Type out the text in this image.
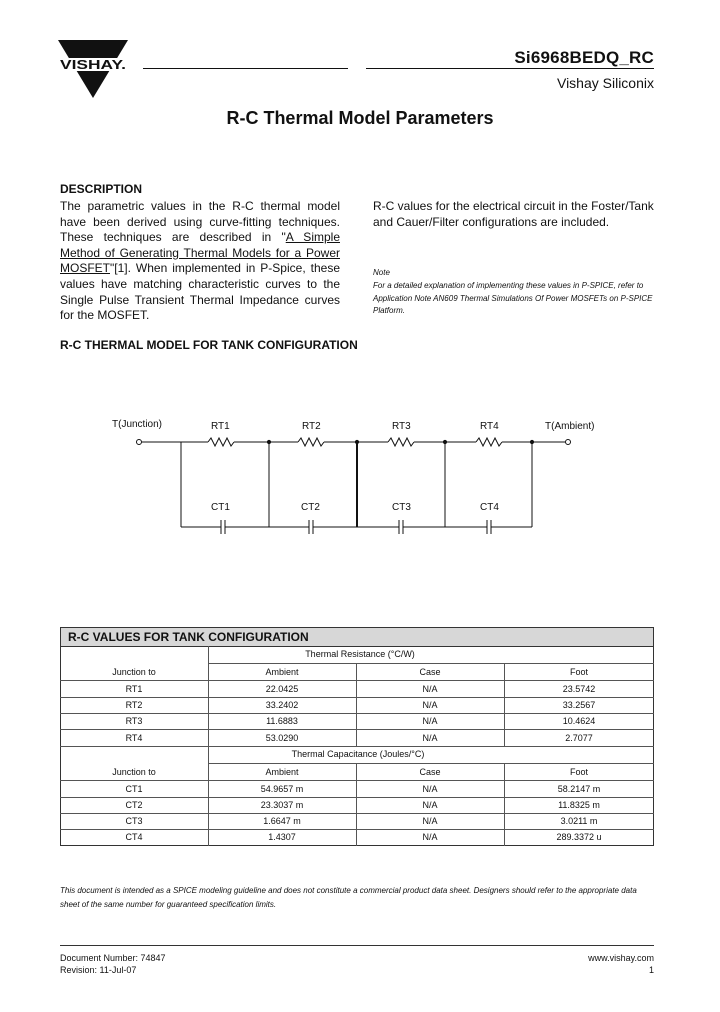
VISHAY.	Si6968BEDQ_RC
Vishay Siliconix
R-C Thermal Model Parameters
DESCRIPTION
The parametric values in the R-C thermal model have been derived using curve-fitting techniques. These techniques are described in "A Simple Method of Generating Thermal Models for a Power MOSFET"[1]. When implemented in P-Spice, these values have matching characteristic curves to the Single Pulse Transient Thermal Impedance curves for the MOSFET.
R-C values for the electrical circuit in the Foster/Tank and Cauer/Filter configurations are included.
Note
For a detailed explanation of implementing these values in P-SPICE, refer to Application Note AN609 Thermal Simulations Of Power MOSFETs on P-SPICE Platform.
R-C THERMAL MODEL FOR TANK CONFIGURATION
T(Junction)	T(Ambient)
RT1	RT2	RT3	RT4
CT1	CT2	CT3	CT4
R-C VALUES FOR TANK CONFIGURATION
Thermal Resistance (°C/W)
Junction to	Ambient	Case	Foot
RT1	22.0425	N/A	23.5742
RT2	33.2402	N/A	33.2567
RT3	11.6883	N/A	10.4624
RT4	53.0290	N/A	2.7077
Thermal Capacitance (Joules/°C)
Junction to	Ambient	Case	Foot
CT1	54.9657 m	N/A	58.2147 m
CT2	23.3037 m	N/A	11.8325 m
CT3	1.6647 m	N/A	3.0211 m
CT4	1.4307	N/A	289.3372 u
This document is intended as a SPICE modeling guideline and does not constitute a commercial product data sheet. Designers should refer to the appropriate data sheet of the same number for guaranteed specification limits.
Document Number: 74847
Revision: 11-Jul-07
www.vishay.com
1
